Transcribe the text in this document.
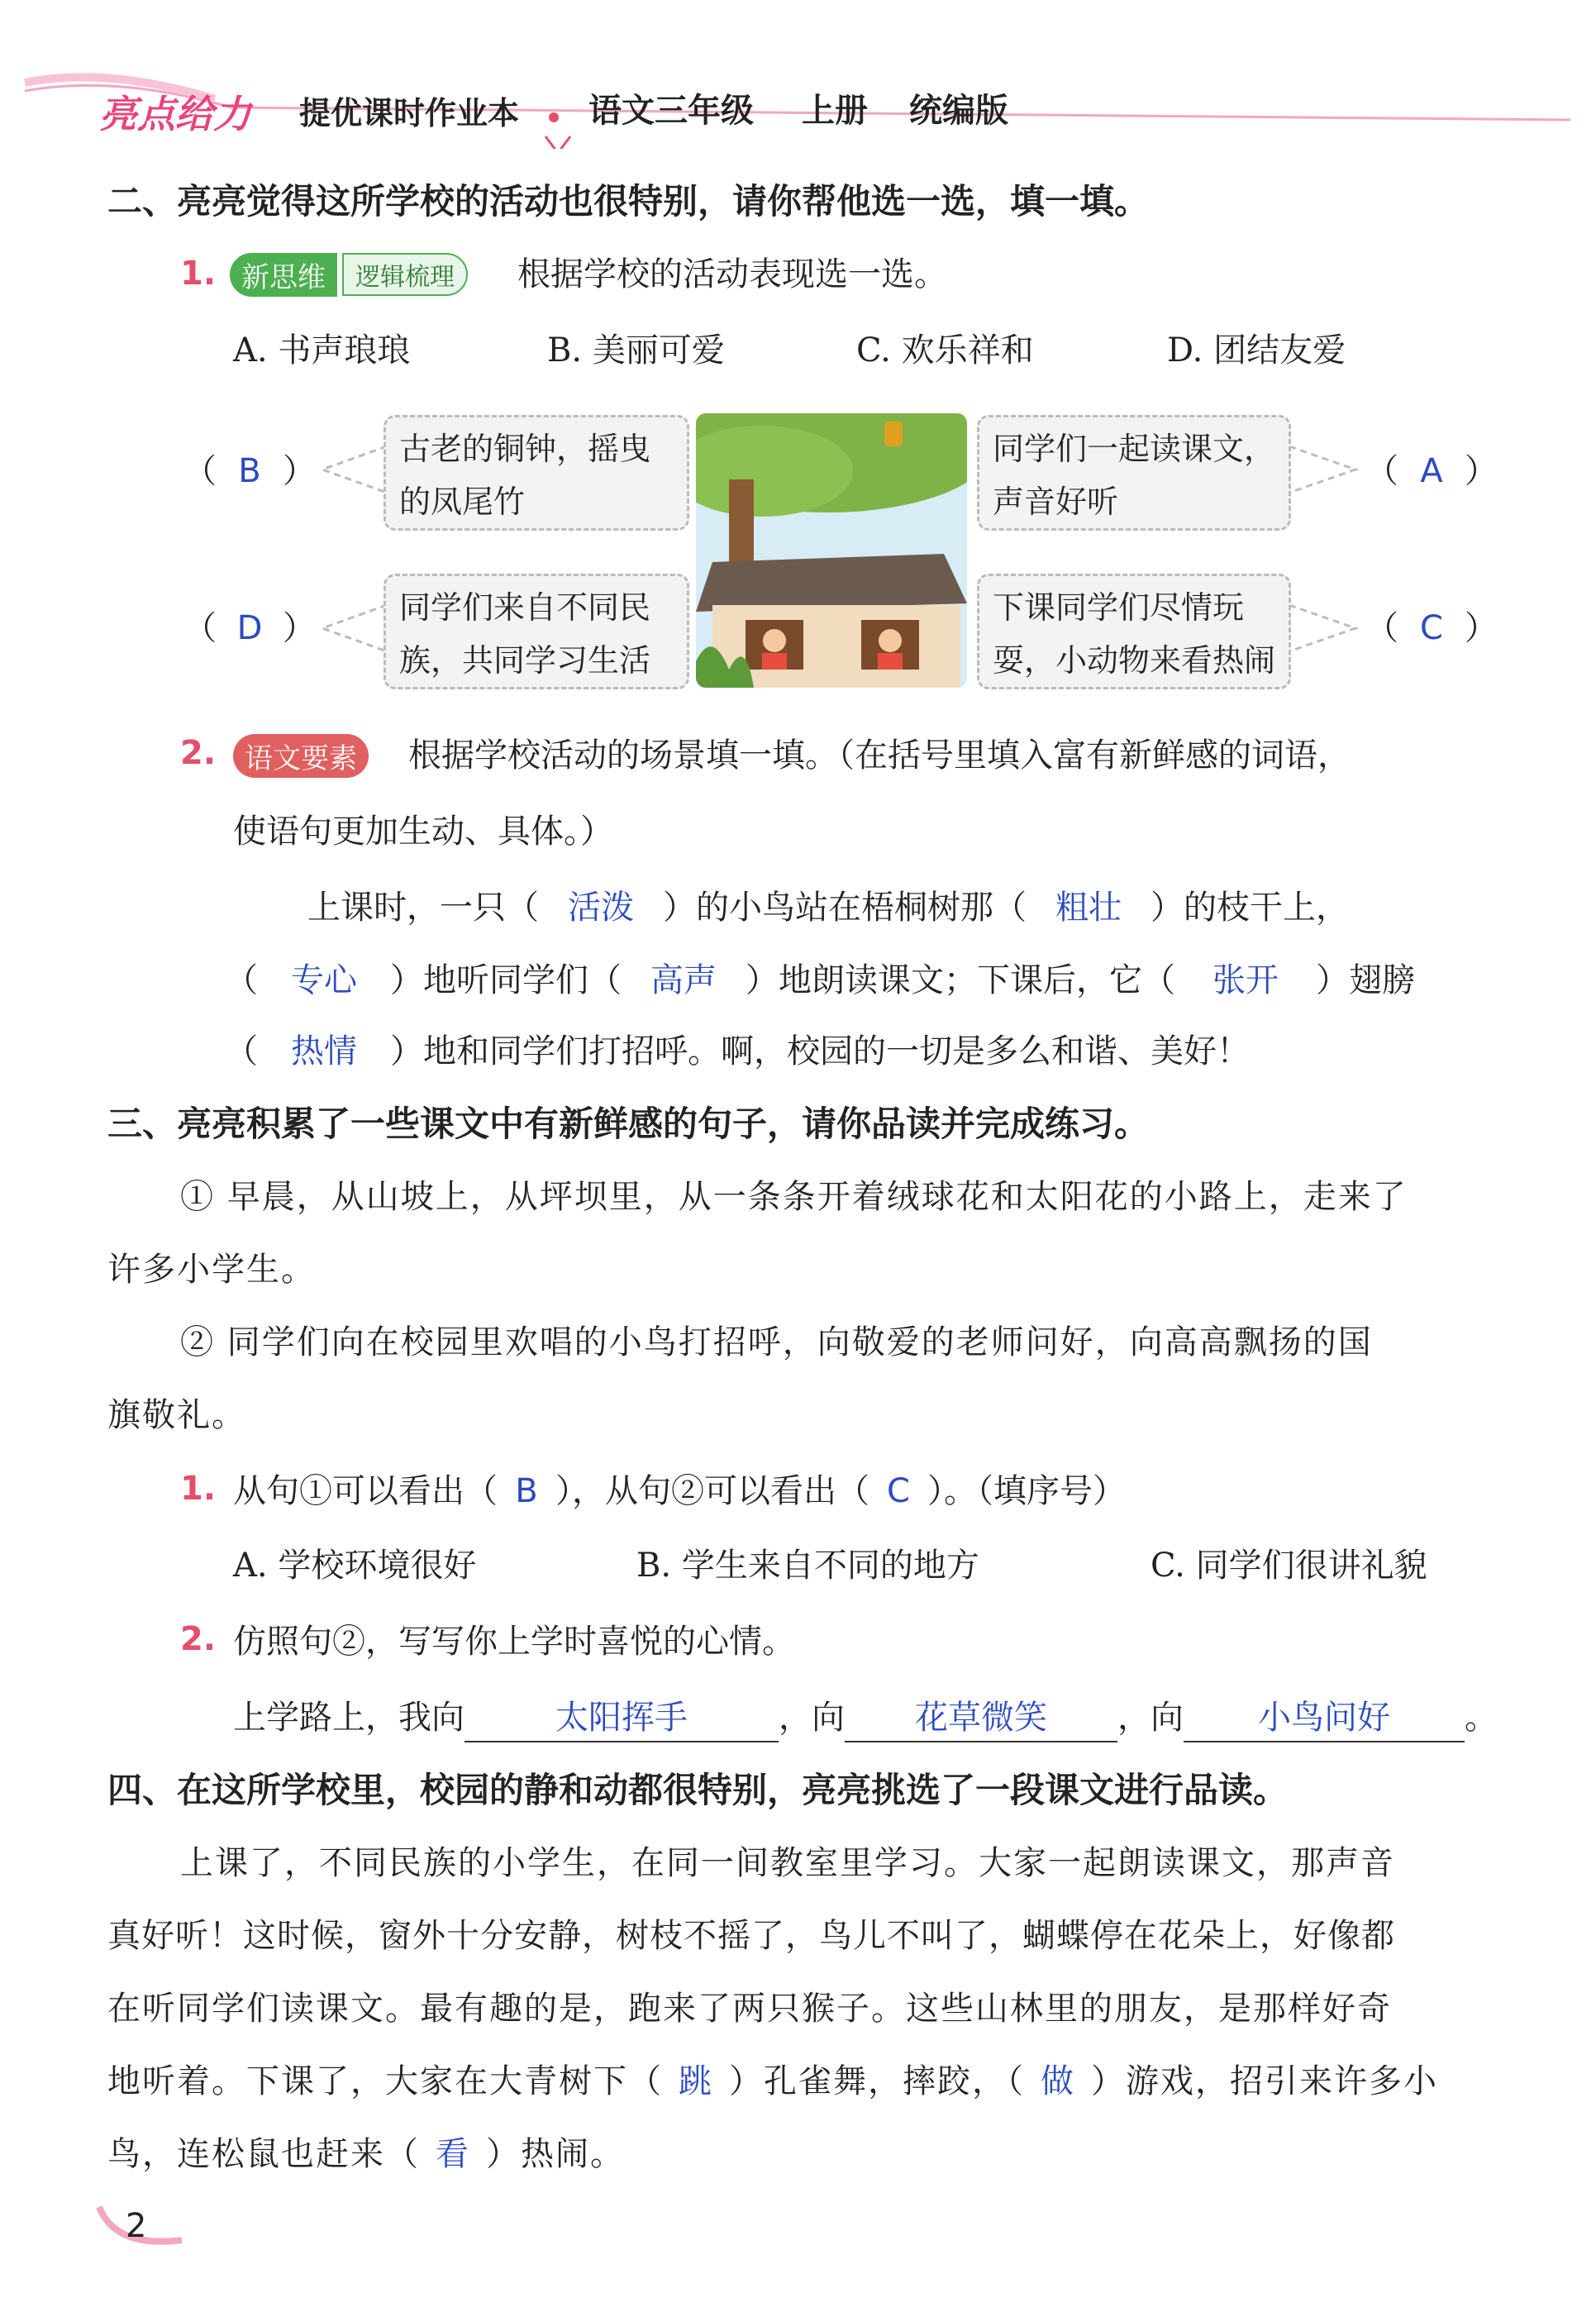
亮点给力 提优课时作业本 语文三年级 上册 统编版
二、亮亮觉得这所学校的活动也很特别，请你帮他选一选，填一填。
1. 新思维	逻辑梳理	根据学校的活动表现选一选。
A. 书声琅琅	B. 美丽可爱	C. 欢乐祥和	D. 团结友爱
（ B ）
（ D ）
（ A ）
（ C ）
古老的铜钟，摇曳
的凤尾竹
同学们一起读课文，
声音好听
同学们来自不同民
族，共同学习生活
下课同学们尽情玩
耍，小动物来看热闹
2.	语文要素	根据学校活动的场景填一填。（在括号里填入富有新鲜感的词语，
使语句更加生动、具体。）
上课时，一只（ 活泼 ）的小鸟站在梧桐树那（ 粗壮 ）的枝干上，
（ 专心 ）地听同学们（ 高声 ）地朗读课文；下课后，它（ 张开 ）翅膀
（ 热情 ）地和同学们打招呼。啊，校园的一切是多么和谐、美好！
三、亮亮积累了一些课文中有新鲜感的句子，请你品读并完成练习。
① 早晨，从山坡上，从坪坝里，从一条条开着绒球花和太阳花的小路上，走来了
许多小学生。
② 同学们向在校园里欢唱的小鸟打招呼，向敬爱的老师问好，向高高飘扬的国
旗敬礼。
1. 从句①可以看出（ B ），从句②可以看出（ C ）。（填序号）
A. 学校环境很好	B. 学生来自不同的地方	C. 同学们很讲礼貌
2. 仿照句②，写写你上学时喜悦的心情。
上学路上，我向	太阳挥手	，向 花草微笑 ，向 小鸟问好 。
四、在这所学校里，校园的静和动都很特别，亮亮挑选了一段课文进行品读。
上课了，不同民族的小学生，在同一间教室里学习。大家一起朗读课文，那声音
真好听！这时候，窗外十分安静，树枝不摇了，鸟儿不叫了，蝴蝶停在花朵上，好像都
在听同学们读课文。最有趣的是，跑来了两只猴子。这些山林里的朋友，是那样好奇
地听着。下课了，大家在大青树下（ 跳 ）孔雀舞，摔跤，（ 做 ）游戏，招引来许多小
鸟，连松鼠也赶来（ 看 ）热闹。
2
